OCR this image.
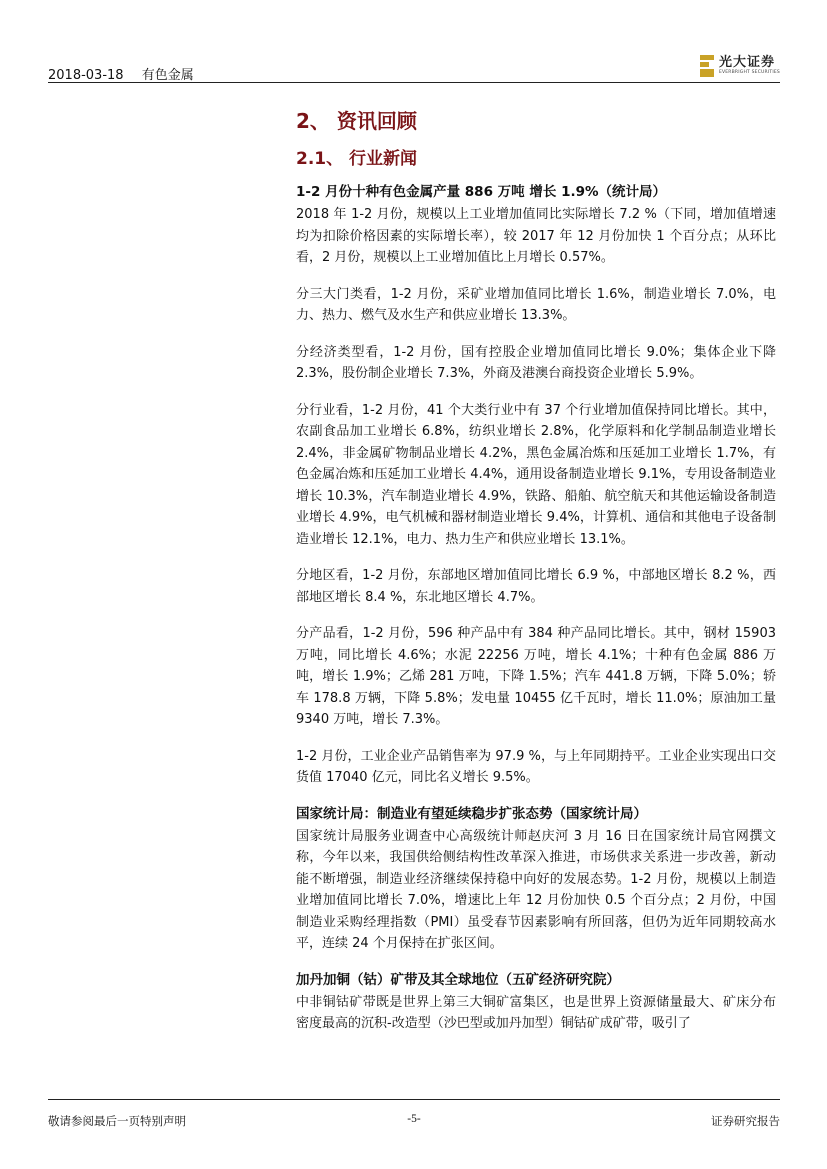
2018-03-18 有色金属
光大证券
EVERBRIGHT SECURITIES
2、 资讯回顾
2.1、 行业新闻
1-2 月份十种有色金属产量 886 万吨 增长 1.9%（统计局）

2018 年 1-2 月份，规模以上工业增加值同比实际增长 7.2 %（下同，增加值增速均为扣除价格因素的实际增长率），较 2017 年 12 月份加快 1 个百分点；从环比看，2 月份，规模以上工业增加值比上月增长 0.57%。

分三大门类看，1-2 月份，采矿业增加值同比增长 1.6%，制造业增长 7.0%，电力、热力、燃气及水生产和供应业增长 13.3%。

分经济类型看，1-2 月份，国有控股企业增加值同比增长 9.0%；集体企业下降 2.3%，股份制企业增长 7.3%，外商及港澳台商投资企业增长 5.9%。

分行业看，1-2 月份，41 个大类行业中有 37 个行业增加值保持同比增长。其中，农副食品加工业增长 6.8%，纺织业增长 2.8%，化学原料和化学制品制造业增长 2.4%，非金属矿物制品业增长 4.2%，黑色金属冶炼和压延加工业增长 1.7%，有色金属冶炼和压延加工业增长 4.4%，通用设备制造业增长 9.1%，专用设备制造业增长 10.3%，汽车制造业增长 4.9%，铁路、船舶、航空航天和其他运输设备制造业增长 4.9%，电气机械和器材制造业增长 9.4%，计算机、通信和其他电子设备制造业增长 12.1%，电力、热力生产和供应业增长 13.1%。

分地区看，1-2 月份，东部地区增加值同比增长 6.9 %，中部地区增长 8.2 %，西部地区增长 8.4 %，东北地区增长 4.7%。

分产品看，1-2 月份，596 种产品中有 384 种产品同比增长。其中，钢材 15903 万吨，同比增长 4.6%；水泥 22256 万吨，增长 4.1%；十种有色金属 886 万吨，增长 1.9%；乙烯 281 万吨，下降 1.5%；汽车 441.8 万辆，下降 5.0%；轿车 178.8 万辆，下降 5.8%；发电量 10455 亿千瓦时，增长 11.0%；原油加工量 9340 万吨，增长 7.3%。

1-2 月份，工业企业产品销售率为 97.9 %，与上年同期持平。工业企业实现出口交货值 17040 亿元，同比名义增长 9.5%。

国家统计局：制造业有望延续稳步扩张态势（国家统计局）

国家统计局服务业调查中心高级统计师赵庆河 3 月 16 日在国家统计局官网撰文称，今年以来，我国供给侧结构性改革深入推进，市场供求关系进一步改善，新动能不断增强，制造业经济继续保持稳中向好的发展态势。1-2 月份，规模以上制造业增加值同比增长 7.0%，增速比上年 12 月份加快 0.5 个百分点；2 月份，中国制造业采购经理指数（PMI）虽受春节因素影响有所回落，但仍为近年同期较高水平，连续 24 个月保持在扩张区间。

加丹加铜（钴）矿带及其全球地位（五矿经济研究院）

中非铜钴矿带既是世界上第三大铜矿富集区，也是世界上资源储量最大、矿床分布密度最高的沉积-改造型（沙巴型或加丹加型）铜钴矿成矿带，吸引了

敬请参阅最后一页特别声明	-5-	证券研究报告
